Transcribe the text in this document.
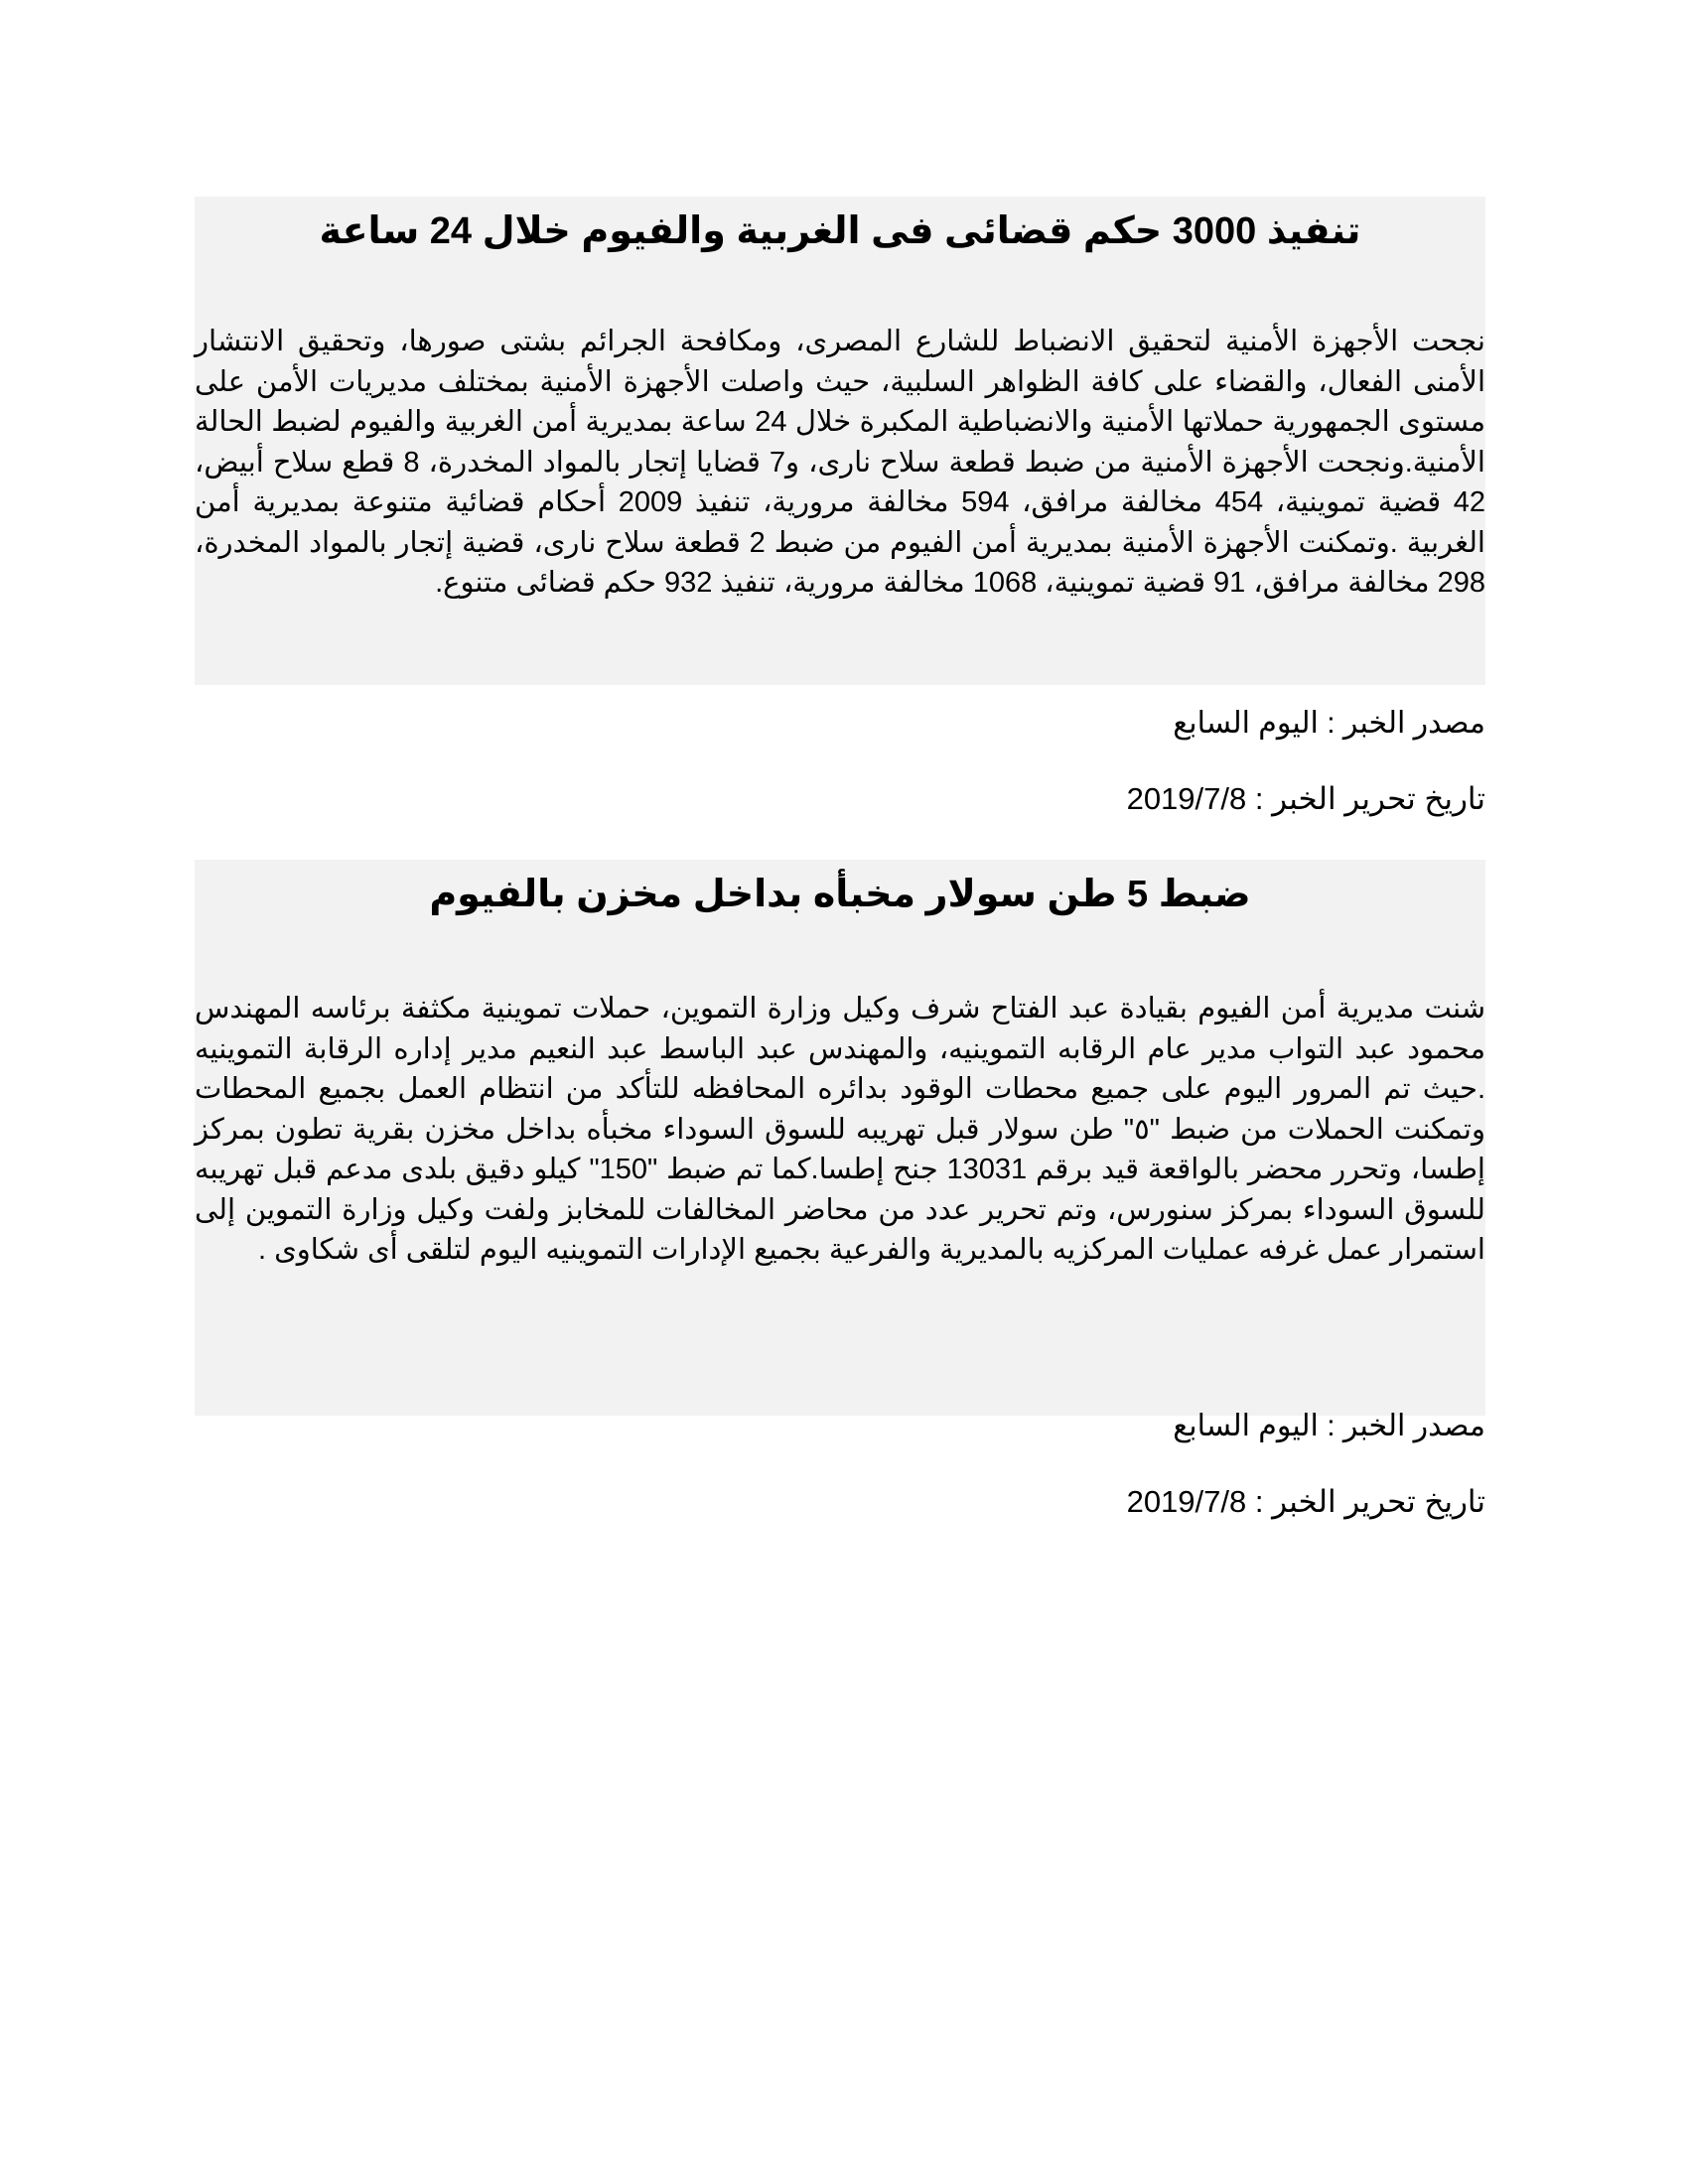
تنفيذ 3000 حكم قضائى فى الغربية والفيوم خلال 24 ساعة

نجحت الأجهزة الأمنية لتحقيق الانضباط للشارع المصرى، ومكافحة الجرائم بشتى صورها، وتحقيق الانتشار الأمنى الفعال، والقضاء على كافة الظواهر السلبية، حيث واصلت الأجهزة الأمنية بمختلف مديريات الأمن على مستوى الجمهورية حملاتها الأمنية والانضباطية المكبرة خلال 24 ساعة بمديرية أمن الغربية والفيوم لضبط الحالة الأمنية.ونجحت الأجهزة الأمنية من ضبط قطعة سلاح نارى، و7 قضايا إتجار بالمواد المخدرة، 8 قطع سلاح أبيض، 42 قضية تموينية، 454 مخالفة مرافق، 594 مخالفة مرورية، تنفيذ 2009 أحكام قضائية متنوعة بمديرية أمن الغربية .وتمكنت الأجهزة الأمنية بمديرية أمن الفيوم من ضبط 2 قطعة سلاح نارى، قضية إتجار بالمواد المخدرة، 298 مخالفة مرافق، 91 قضية تموينية، 1068 مخالفة مرورية، تنفيذ 932 حكم قضائى متنوع.

مصدر الخبر : اليوم السابع
تاريخ تحرير الخبر : 2019/7/8
ضبط 5 طن سولار مخبأه بداخل مخزن بالفيوم

شنت مديرية أمن الفيوم بقيادة عبد الفتاح شرف وكيل وزارة التموين، حملات تموينية مكثفة برئاسه المهندس محمود عبد التواب مدير عام الرقابه التموينيه، والمهندس عبد الباسط عبد النعيم مدير إداره الرقابة التموينيه .حيث تم المرور اليوم على جميع محطات الوقود بدائره المحافظه للتأكد من انتظام العمل بجميع المحطات وتمكنت الحملات من ضبط "٥" طن سولار قبل تهريبه للسوق السوداء مخبأه بداخل مخزن بقرية تطون بمركز إطسا، وتحرر محضر بالواقعة قيد برقم 13031 جنح إطسا.كما تم ضبط "150" كيلو دقيق بلدى مدعم قبل تهريبه للسوق السوداء بمركز سنورس، وتم تحرير عدد من محاضر المخالفات للمخابز ولفت وكيل وزارة التموين إلى استمرار عمل غرفه عمليات المركزيه بالمديرية والفرعية بجميع الإدارات التموينيه اليوم لتلقى أى شكاوى .

مصدر الخبر : اليوم السابع
تاريخ تحرير الخبر : 2019/7/8
